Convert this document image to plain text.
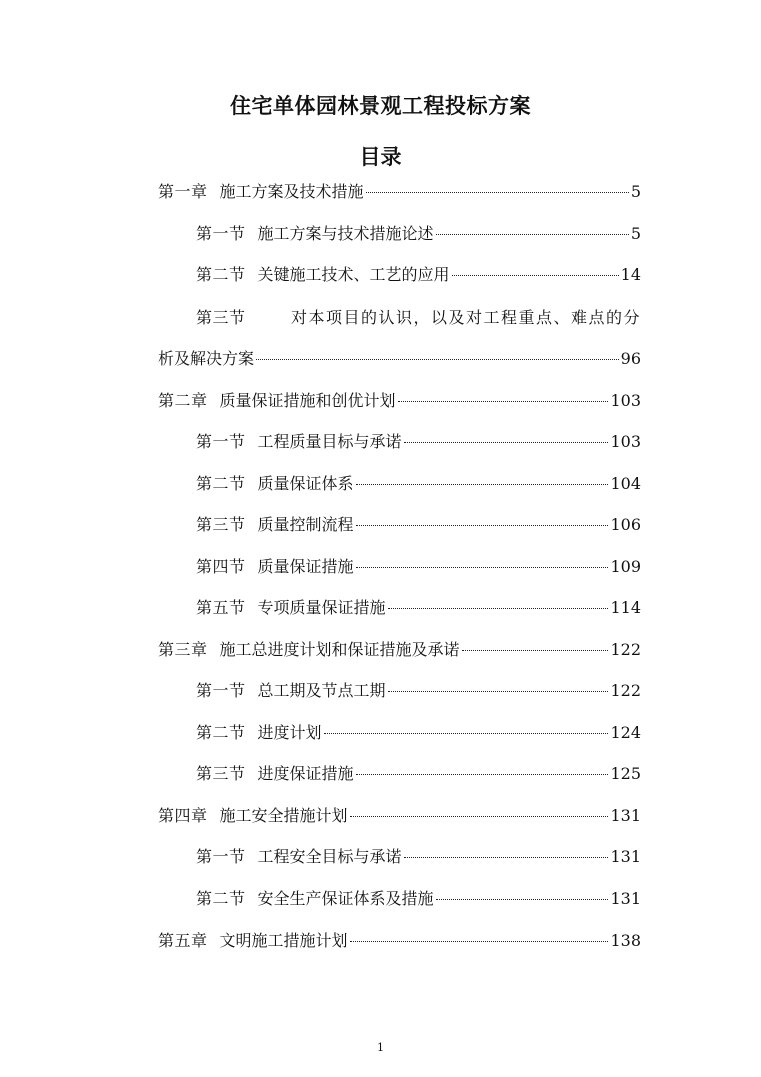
住宅单体园林景观工程投标方案
目录
第一章 施工方案及技术措施	5
第一节 施工方案与技术措施论述	5
第二节 关键施工技术、工艺的应用	14
第三节	对本项目的认识，以及对工程重点、难点的分
析及解决方案	96
第二章 质量保证措施和创优计划	103
第一节 工程质量目标与承诺	103
第二节 质量保证体系	104
第三节 质量控制流程	106
第四节 质量保证措施	109
第五节 专项质量保证措施	114
第三章 施工总进度计划和保证措施及承诺	122
第一节 总工期及节点工期	122
第二节 进度计划	124
第三节 进度保证措施	125
第四章 施工安全措施计划	131
第一节 工程安全目标与承诺	131
第二节 安全生产保证体系及措施	131
第五章 文明施工措施计划	138
1
